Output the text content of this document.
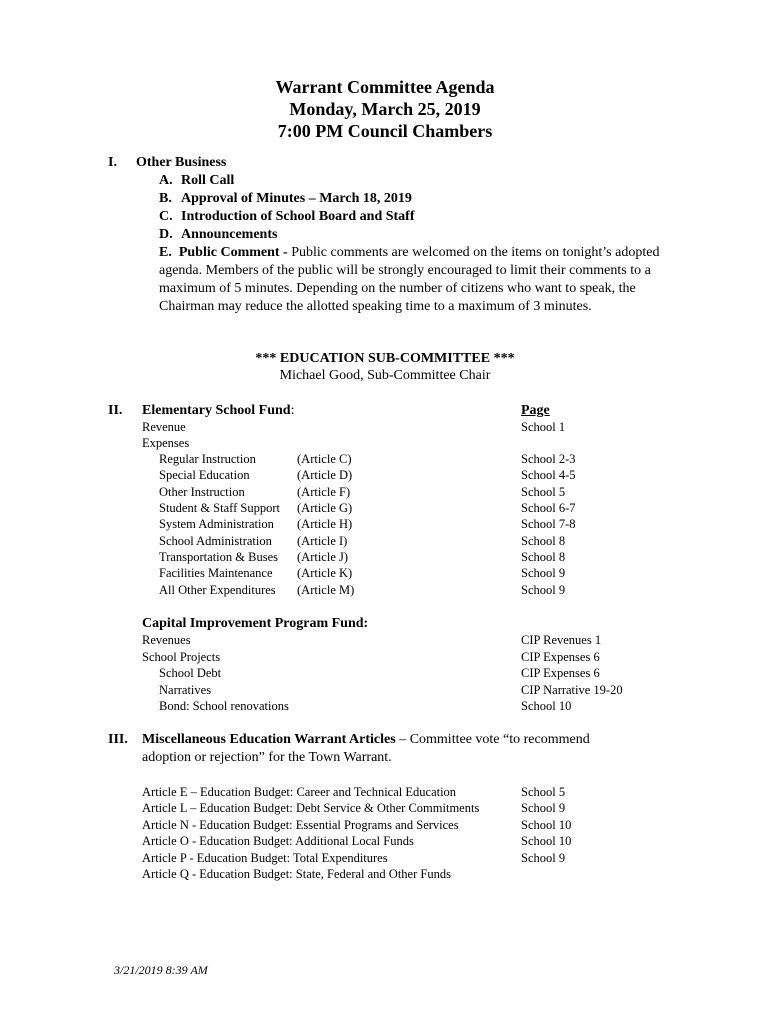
Warrant Committee Agenda
Monday, March 25, 2019
7:00 PM Council Chambers
I. Other Business
A. Roll Call
B. Approval of Minutes – March 18, 2019
C. Introduction of School Board and Staff
D. Announcements
E. Public Comment - Public comments are welcomed on the items on tonight’s adopted agenda. Members of the public will be strongly encouraged to limit their comments to a maximum of 5 minutes. Depending on the number of citizens who want to speak, the Chairman may reduce the allotted speaking time to a maximum of 3 minutes.
*** EDUCATION SUB-COMMITTEE ***
Michael Good, Sub-Committee Chair
II. Elementary School Fund:	Page
Revenue	School 1
Expenses
Regular Instruction	(Article C)	School 2-3
Special Education	(Article D)	School 4-5
Other Instruction	(Article F)	School 5
Student & Staff Support (Article G)	School 6-7
System Administration (Article H)	School 7-8
School Administration (Article I)	School 8
Transportation & Buses (Article J)	School 8
Facilities Maintenance (Article K)	School 9
All Other Expenditures (Article M)	School 9
Capital Improvement Program Fund:
Revenues	CIP Revenues 1
School Projects	CIP Expenses 6
School Debt	CIP Expenses 6
Narratives	CIP Narrative 19-20
Bond: School renovations	School 10
III. Miscellaneous Education Warrant Articles – Committee vote “to recommend
adoption or rejection” for the Town Warrant.
Article E – Education Budget: Career and Technical Education	School 5
Article L – Education Budget: Debt Service & Other Commitments	School 9
Article N - Education Budget: Essential Programs and Services	School 10
Article O - Education Budget: Additional Local Funds	School 10
Article P - Education Budget: Total Expenditures	School 9
Article Q - Education Budget: State, Federal and Other Funds
3/21/2019 8:39 AM
